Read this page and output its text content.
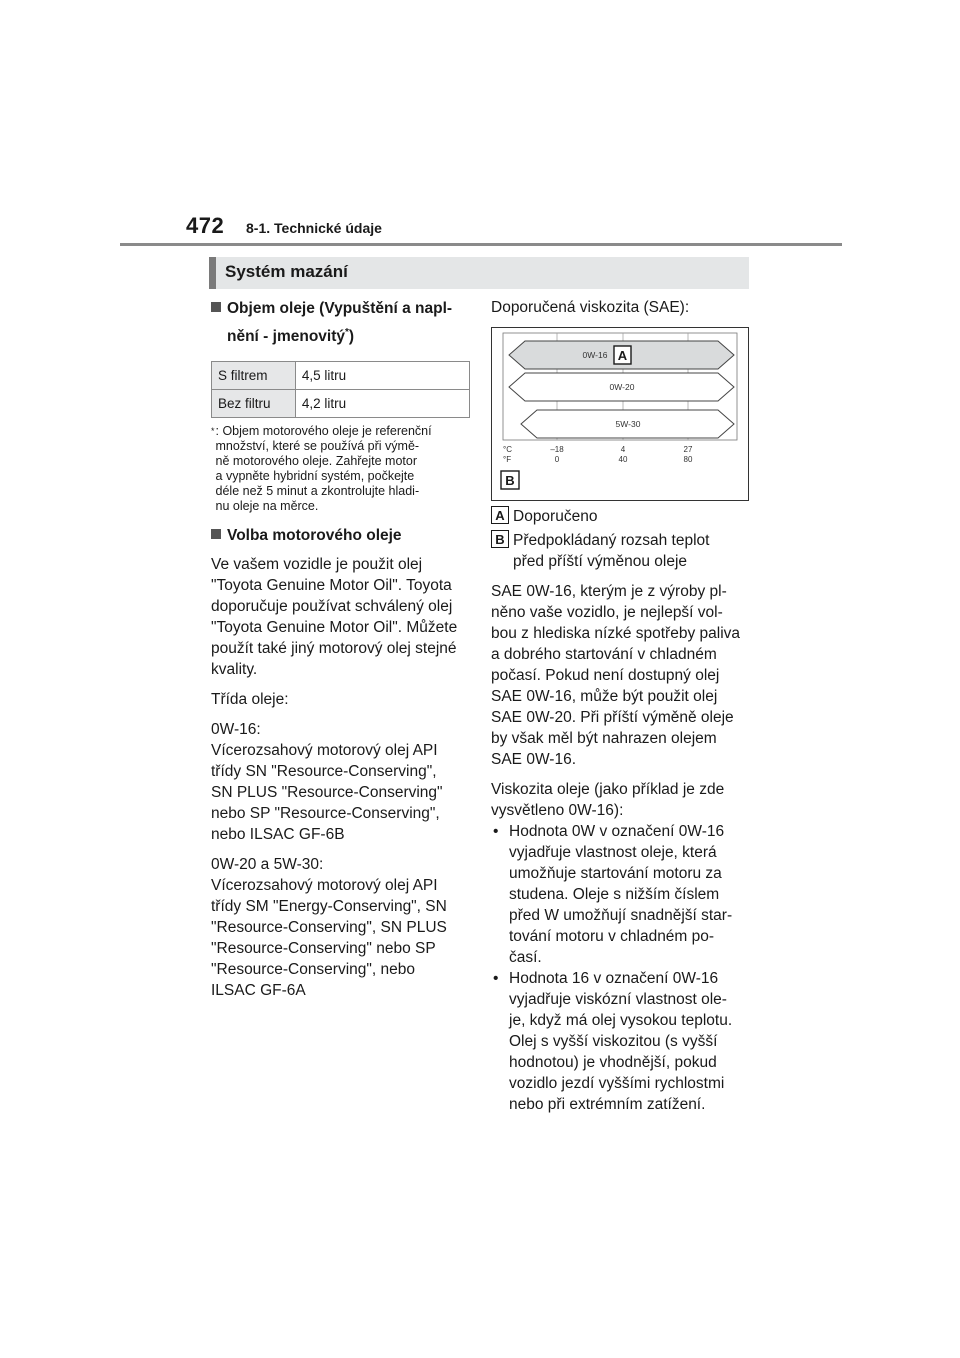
472 8-1. Technické údaje
Systém mazání
Objem oleje (Vypuštění a napl-
nění - jmenovitý*)
S filtrem	4,5 litru
Bez filtru	4,2 litru
* : Objem motorového oleje je referenční
množství, které se používá při výmě-
ně motorového oleje. Zahřejte motor
a vypněte hybridní systém, počkejte
déle než 5 minut a zkontrolujte hladi-
nu oleje na měrce.
Volba motorového oleje
Ve vašem vozidle je použit olej
"Toyota Genuine Motor Oil". Toyota
doporučuje používat schválený olej
"Toyota Genuine Motor Oil". Můžete
použít také jiný motorový olej stejné
kvality.
Třída oleje:
0W-16:
Vícerozsahový motorový olej API
třídy SN "Resource-Conserving",
SN PLUS "Resource-Conserving"
nebo SP "Resource-Conserving",
nebo ILSAC GF-6B
0W-20 a 5W-30:
Vícerozsahový motorový olej API
třídy SM "Energy-Conserving", SN
"Resource-Conserving", SN PLUS
"Resource-Conserving" nebo SP
"Resource-Conserving", nebo
ILSAC GF-6A
Doporučená viskozita (SAE):
0W-16 A
0W-20
5W-30
°C
°F
–18
0
4
40
27
80
B
A Doporučeno
B Předpokládaný rozsah teplot
před příští výměnou oleje
SAE 0W-16, kterým je z výroby pl-
něno vaše vozidlo, je nejlepší vol-
bou z hlediska nízké spotřeby paliva
a dobrého startování v chladném
počasí. Pokud není dostupný olej
SAE 0W-16, může být použit olej
SAE 0W-20. Při příští výměně oleje
by však měl být nahrazen olejem
SAE 0W-16.
Viskozita oleje (jako příklad je zde
vysvětleno 0W-16):
• Hodnota 0W v označení 0W-16
vyjadřuje vlastnost oleje, která
umožňuje startování motoru za
studena. Oleje s nižším číslem
před W umožňují snadnější star-
tování motoru v chladném po-
časí.
• Hodnota 16 v označení 0W-16
vyjadřuje viskózní vlastnost ole-
je, když má olej vysokou teplotu.
Olej s vyšší viskozitou (s vyšší
hodnotou) je vhodnější, pokud
vozidlo jezdí vyššími rychlostmi
nebo při extrémním zatížení.
